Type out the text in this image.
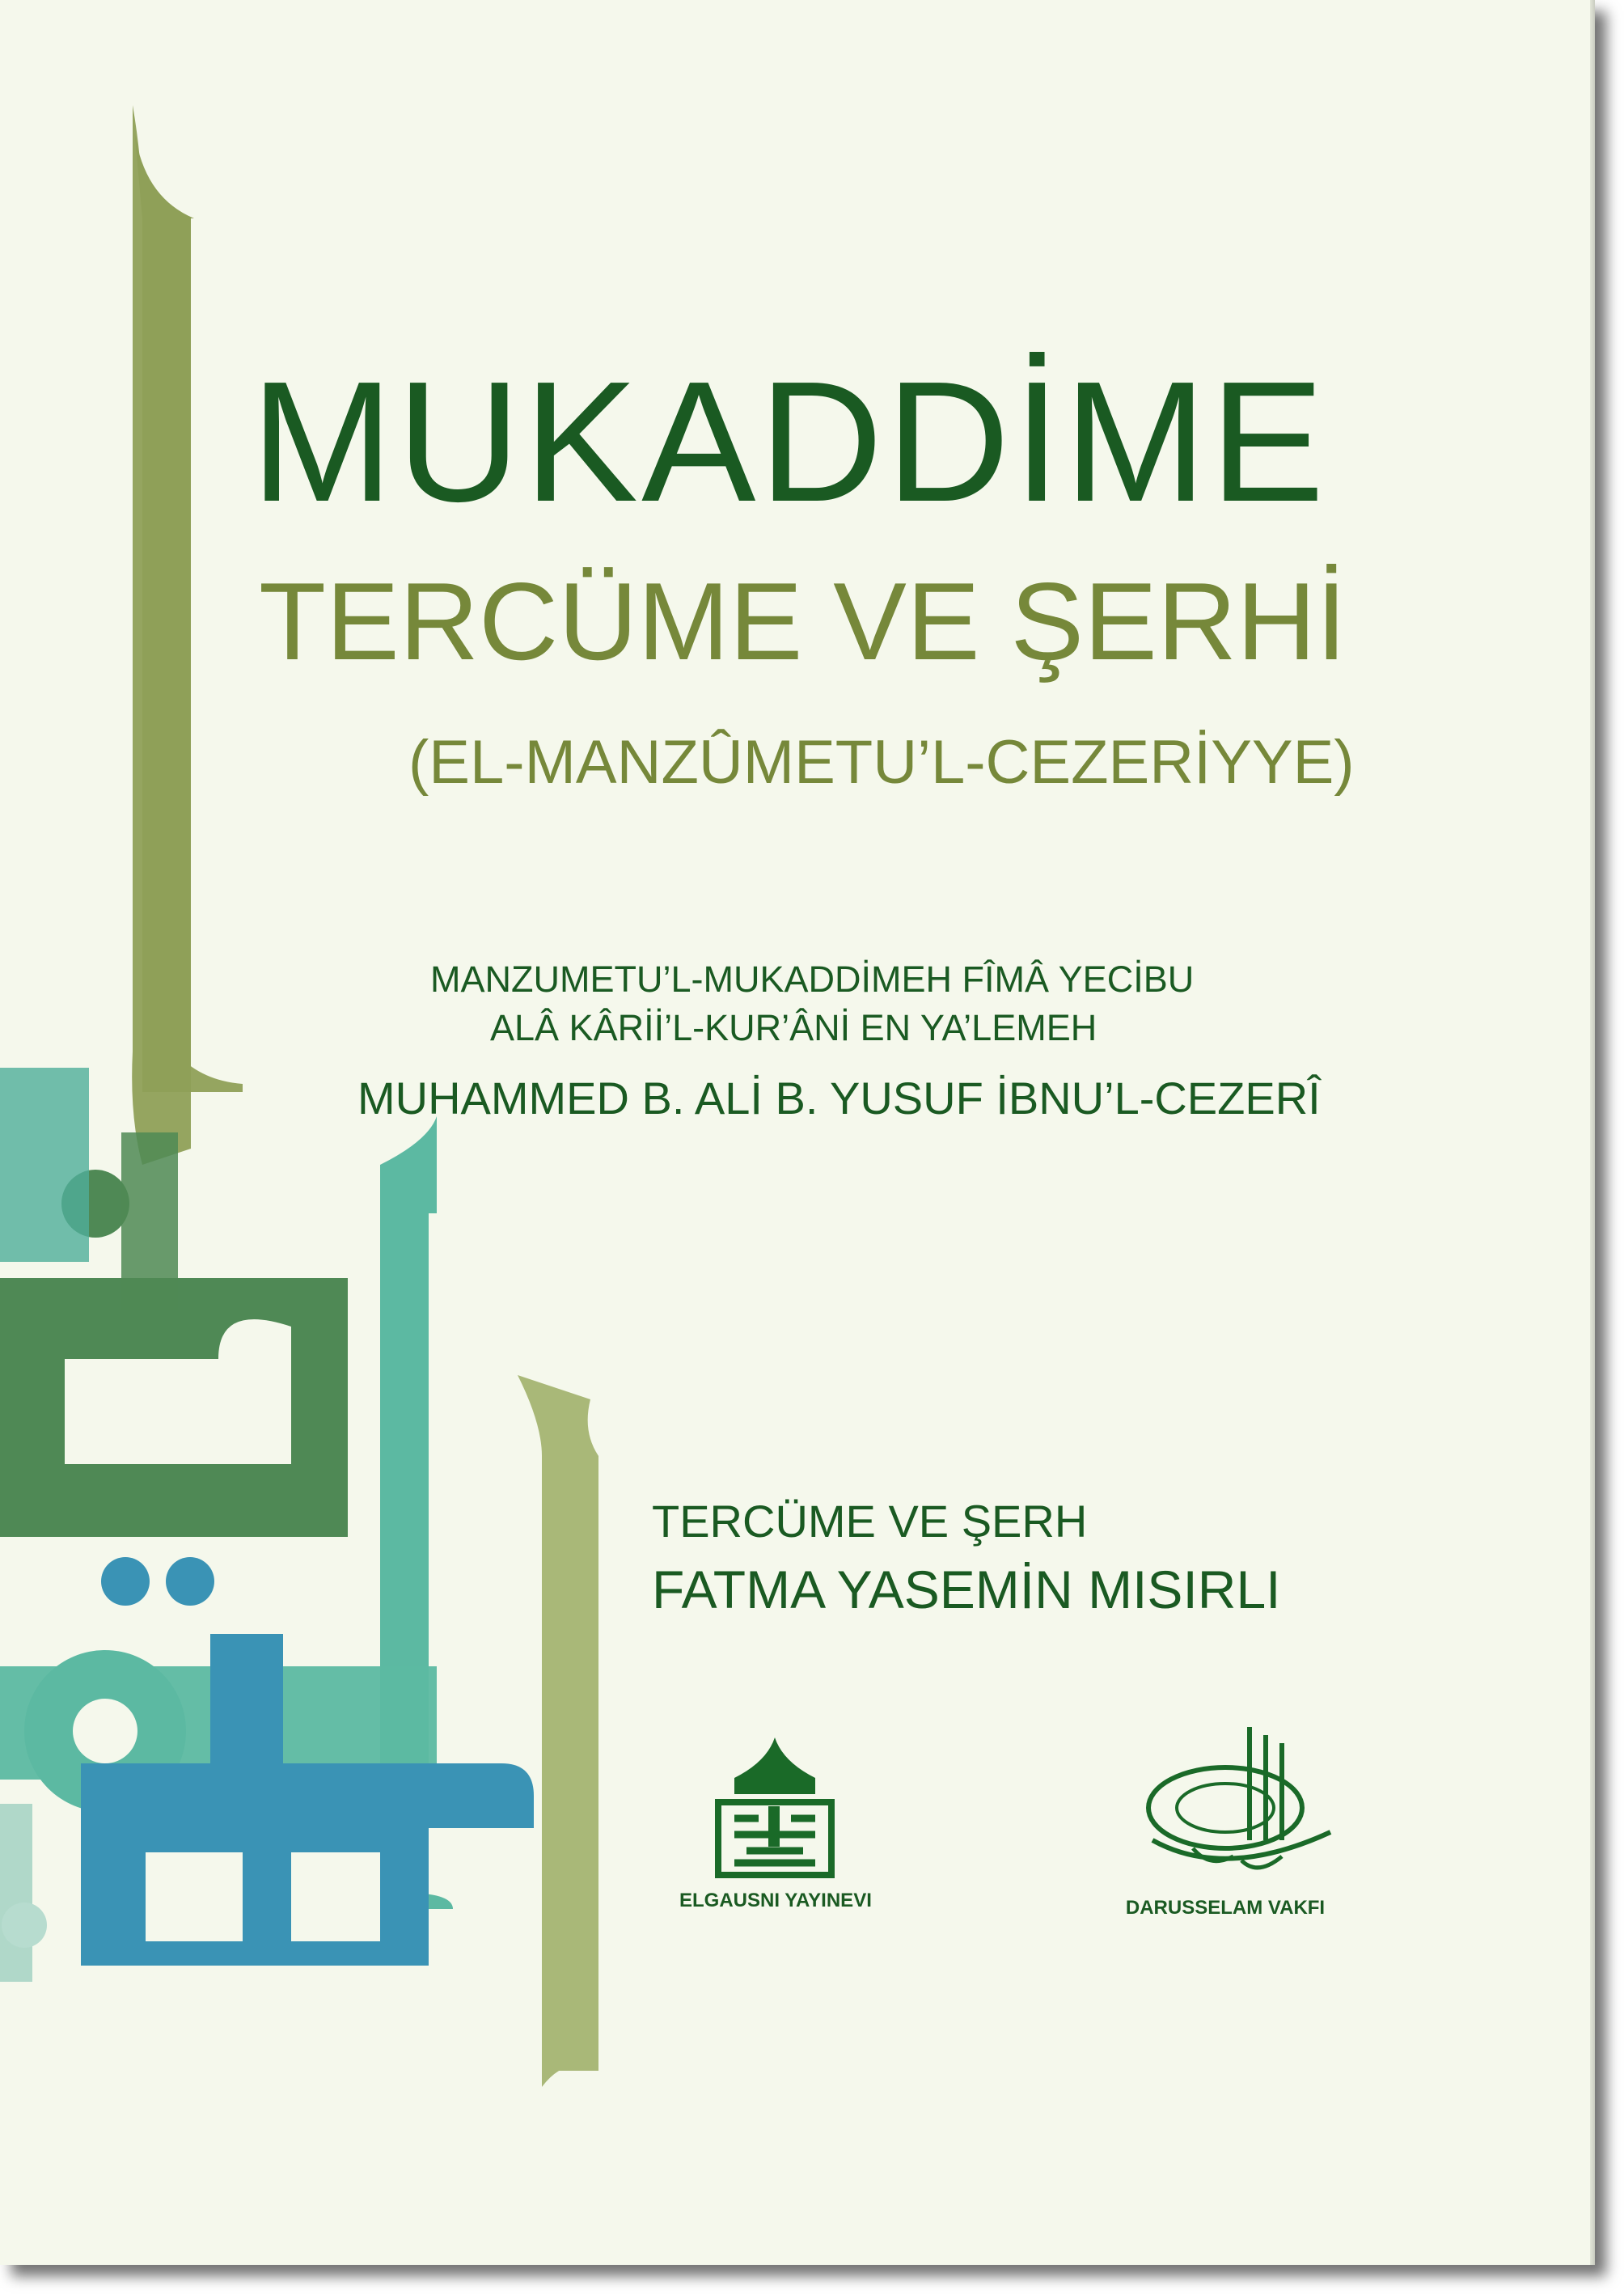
MUKADDİME
TERCÜME VE ŞERHİ
(EL-MANZÛMETU’L-CEZERİYYE)
MANZUMETU’L-MUKADDİMEH FÎMÂ YECİBU
ALÂ KÂRİİ’L-KUR’ÂNİ EN YA’LEMEH
MUHAMMED B. ALİ B. YUSUF İBNU’L-CEZERÎ
TERCÜME VE ŞERH
FATMA YASEMİN MISIRLI
ELGAUSNI YAYINEVI	DARUSSELAM VAKFI
